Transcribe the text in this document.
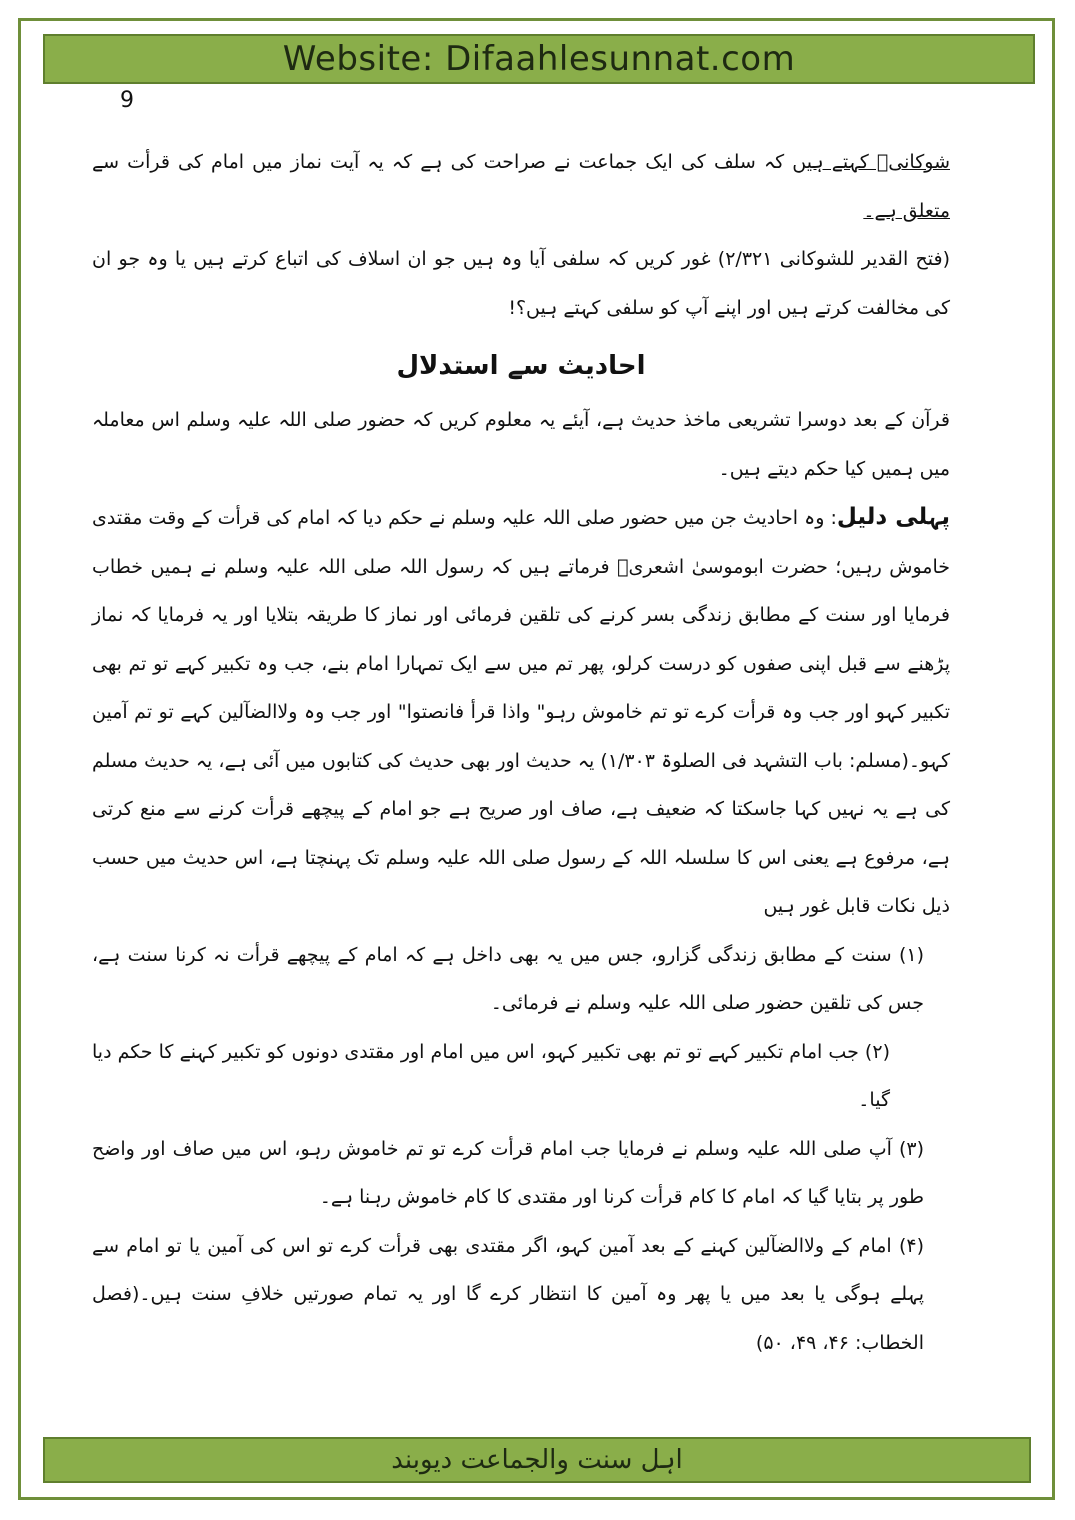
Website: Difaahlesunnat.com
9

شوکانیؒ کہتے ہیں کہ سلف کی ایک جماعت نے صراحت کی ہے کہ یہ آیت نماز میں امام کی قرأت سے متعلق ہے۔

(فتح القدیر للشوکانی ۲/۳۲۱) غور کریں کہ سلفی آیا وہ ہیں جو ان اسلاف کی اتباع کرتے ہیں یا وہ جو ان کی مخالفت کرتے ہیں اور اپنے آپ کو سلفی کہتے ہیں؟!

احادیث سے استدلال

قرآن کے بعد دوسرا تشریعی ماخذ حدیث ہے، آیئے یہ معلوم کریں کہ حضور صلی اللہ علیہ وسلم اس معاملہ میں ہمیں کیا حکم دیتے ہیں۔

پہلی دلیل: وہ احادیث جن میں حضور صلی اللہ علیہ وسلم نے حکم دیا کہ امام کی قرأت کے وقت مقتدی خاموش رہیں؛ حضرت ابوموسیٰ اشعریؓ فرماتے ہیں کہ رسول اللہ صلی اللہ علیہ وسلم نے ہمیں خطاب فرمایا اور سنت کے مطابق زندگی بسر کرنے کی تلقین فرمائی اور نماز کا طریقہ بتلایا اور یہ فرمایا کہ نماز پڑھنے سے قبل اپنی صفوں کو درست کرلو، پھر تم میں سے ایک تمہارا امام بنے، جب وہ تکبیر کہے تو تم بھی تکبیر کہو اور جب وہ قرأت کرے تو تم خاموش رہو" واذا قرأ فانصتوا" اور جب وہ ولاالضآلین کہے تو تم آمین کہو۔(مسلم: باب التشہد فی الصلوۃ ۱/۳۰۳) یہ حدیث اور بھی حدیث کی کتابوں میں آئی ہے، یہ حدیث مسلم کی ہے یہ نہیں کہا جاسکتا کہ ضعیف ہے، صاف اور صریح ہے جو امام کے پیچھے قرأت کرنے سے منع کرتی ہے، مرفوع ہے یعنی اس کا سلسلہ اللہ کے رسول صلی اللہ علیہ وسلم تک پہنچتا ہے، اس حدیث میں حسب ذیل نکات قابل غور ہیں

(۱) سنت کے مطابق زندگی گزارو، جس میں یہ بھی داخل ہے کہ امام کے پیچھے قرأت نہ کرنا سنت ہے، جس کی تلقین حضور صلی اللہ علیہ وسلم نے فرمائی۔

(۲) جب امام تکبیر کہے تو تم بھی تکبیر کہو، اس میں امام اور مقتدی دونوں کو تکبیر کہنے کا حکم دیا گیا۔

(۳) آپ صلی اللہ علیہ وسلم نے فرمایا جب امام قرأت کرے تو تم خاموش رہو، اس میں صاف اور واضح طور پر بتایا گیا کہ امام کا کام قرأت کرنا اور مقتدی کا کام خاموش رہنا ہے۔

(۴) امام کے ولاالضآلین کہنے کے بعد آمین کہو، اگر مقتدی بھی قرأت کرے تو اس کی آمین یا تو امام سے پہلے ہوگی یا بعد میں یا پھر وہ آمین کا انتظار کرے گا اور یہ تمام صورتیں خلافِ سنت ہیں۔(فصل الخطاب: ۴۶، ۴۹، ۵۰)

اہل سنت والجماعت دیوبند
